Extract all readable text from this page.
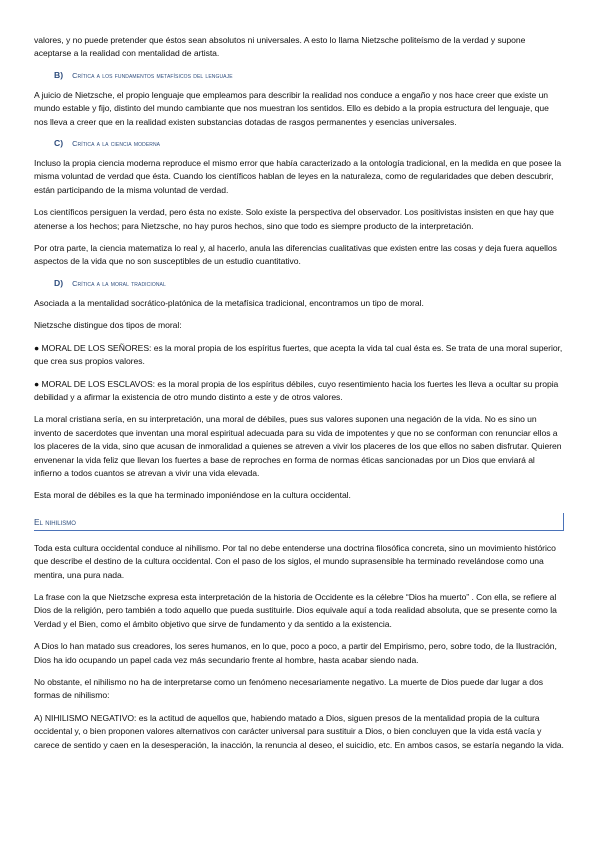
valores, y no puede pretender que éstos sean absolutos ni universales. A esto lo llama Nietzsche politeísmo de la verdad y supone aceptarse a la realidad con mentalidad de artista.

B) Crítica a los fundamentos metafísicos del lenguaje

A juicio de Nietzsche, el propio lenguaje que empleamos para describir la realidad nos conduce a engaño y nos hace creer que existe un mundo estable y fijo, distinto del mundo cambiante que nos muestran los sentidos. Ello es debido a la propia estructura del lenguaje, que nos lleva a creer que en la realidad existen substancias dotadas de rasgos permanentes y esencias universales.

C) Crítica a la ciencia moderna

Incluso la propia ciencia moderna reproduce el mismo error que había caracterizado a la ontología tradicional, en la medida en que posee la misma voluntad de verdad que ésta. Cuando los científicos hablan de leyes en la naturaleza, como de regularidades que deben descubrir, están participando de la misma voluntad de verdad.

Los científicos persiguen la verdad, pero ésta no existe. Solo existe la perspectiva del observador. Los positivistas insisten en que hay que atenerse a los hechos; para Nietzsche, no hay puros hechos, sino que todo es siempre producto de la interpretación.

Por otra parte, la ciencia matematiza lo real y, al hacerlo, anula las diferencias cualitativas que existen entre las cosas y deja fuera aquellos aspectos de la vida que no son susceptibles de un estudio cuantitativo.

D) Crítica a la moral tradicional

Asociada a la mentalidad socrático-platónica de la metafísica tradicional, encontramos un tipo de moral.

Nietzsche distingue dos tipos de moral:

● MORAL DE LOS SEÑORES: es la moral propia de los espíritus fuertes, que acepta la vida tal cual ésta es. Se trata de una moral superior, que crea sus propios valores.

● MORAL DE LOS ESCLAVOS: es la moral propia de los espíritus débiles, cuyo resentimiento hacia los fuertes les lleva a ocultar su propia debilidad y a afirmar la existencia de otro mundo distinto a este y de otros valores.

La moral cristiana sería, en su interpretación, una moral de débiles, pues sus valores suponen una negación de la vida. No es sino un invento de sacerdotes que inventan una moral espiritual adecuada para su vida de impotentes y que no se conforman con renunciar ellos a los placeres de la vida, sino que acusan de inmoralidad a quienes se atreven a vivir los placeres de los que ellos no saben disfrutar. Quieren envenenar la vida feliz que llevan los fuertes a base de reproches en forma de normas éticas sancionadas por un Dios que enviará al infierno a todos cuantos se atrevan a vivir una vida elevada.

Esta moral de débiles es la que ha terminado imponiéndose en la cultura occidental.

El nihilismo

Toda esta cultura occidental conduce al nihilismo. Por tal no debe entenderse una doctrina filosófica concreta, sino un movimiento histórico que describe el destino de la cultura occidental. Con el paso de los siglos, el mundo suprasensible ha terminado revelándose como una mentira, una pura nada.

La frase con la que Nietzsche expresa esta interpretación de la historia de Occidente es la célebre “Dios ha muerto” . Con ella, se refiere al Dios de la religión, pero también a todo aquello que pueda sustituirle. Dios equivale aquí a toda realidad absoluta, que se presente como la Verdad y el Bien, como el ámbito objetivo que sirve de fundamento y da sentido a la existencia.

A Dios lo han matado sus creadores, los seres humanos, en lo que, poco a poco, a partir del Empirismo, pero, sobre todo, de la Ilustración, Dios ha ido ocupando un papel cada vez más secundario frente al hombre, hasta acabar siendo nada.

No obstante, el nihilismo no ha de interpretarse como un fenómeno necesariamente negativo. La muerte de Dios puede dar lugar a dos formas de nihilismo:

A) NIHILISMO NEGATIVO: es la actitud de aquellos que, habiendo matado a Dios, siguen presos de la mentalidad propia de la cultura occidental y, o bien proponen valores alternativos con carácter universal para sustituir a Dios, o bien concluyen que la vida está vacía y carece de sentido y caen en la desesperación, la inacción, la renuncia al deseo, el suicidio, etc. En ambos casos, se estaría negando la vida.
